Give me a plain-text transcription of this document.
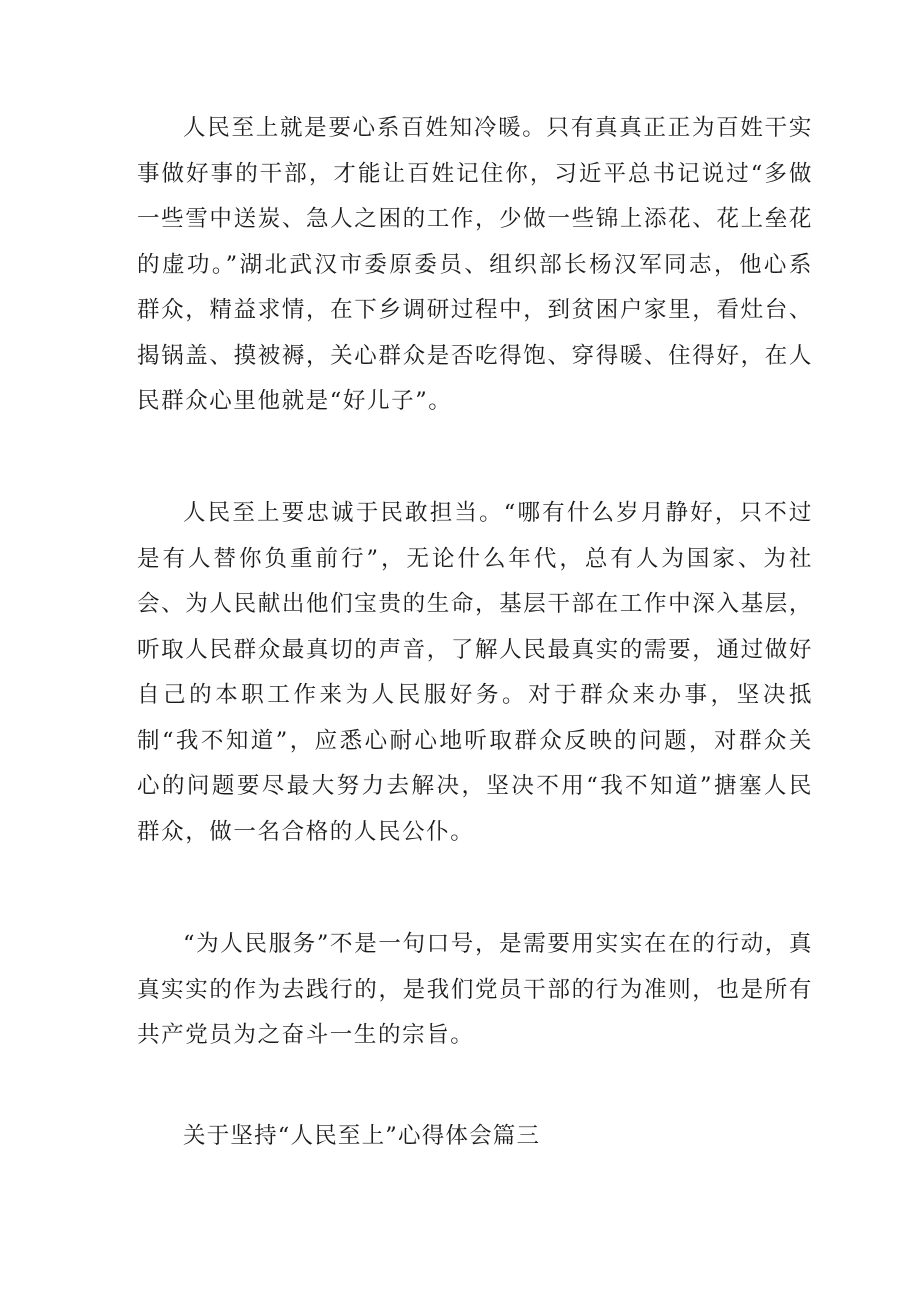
人民至上就是要心系百姓知冷暖。只有真真正正为百姓干实事做好事的干部，才能让百姓记住你，习近平总书记说过“多做一些雪中送炭、急人之困的工作，少做一些锦上添花、花上垒花的虚功。”湖北武汉市委原委员、组织部长杨汉军同志，他心系群众，精益求情，在下乡调研过程中，到贫困户家里，看灶台、揭锅盖、摸被褥，关心群众是否吃得饱、穿得暖、住得好，在人民群众心里他就是“好儿子”。

人民至上要忠诚于民敢担当。“哪有什么岁月静好，只不过是有人替你负重前行”，无论什么年代，总有人为国家、为社会、为人民献出他们宝贵的生命，基层干部在工作中深入基层，听取人民群众最真切的声音，了解人民最真实的需要，通过做好自己的本职工作来为人民服好务。对于群众来办事，坚决抵制“我不知道”，应悉心耐心地听取群众反映的问题，对群众关心的问题要尽最大努力去解决，坚决不用“我不知道”搪塞人民群众，做一名合格的人民公仆。

“为人民服务”不是一句口号，是需要用实实在在的行动，真真实实的作为去践行的，是我们党员干部的行为准则，也是所有共产党员为之奋斗一生的宗旨。

关于坚持“人民至上”心得体会篇三
